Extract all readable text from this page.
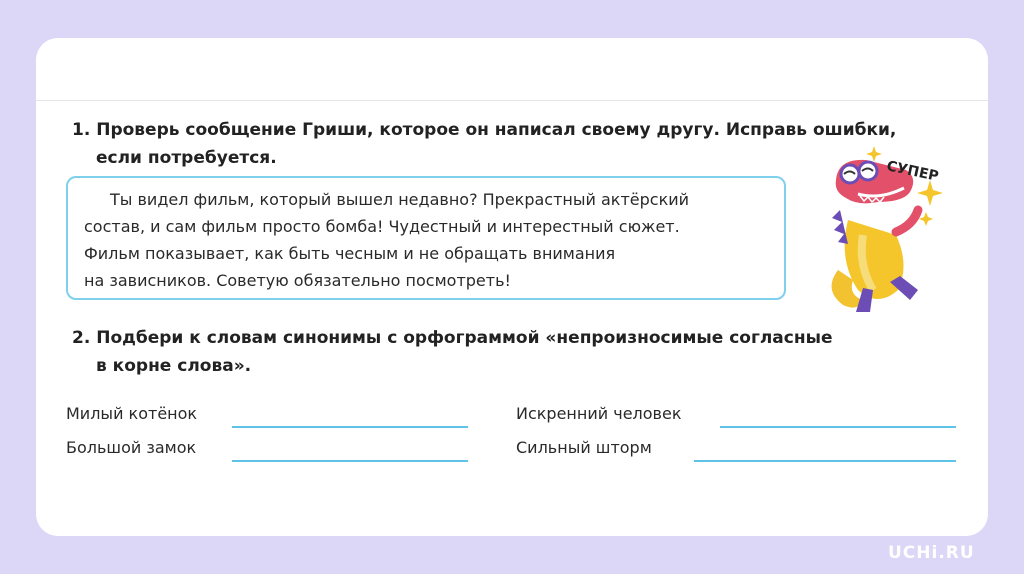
1. Проверь сообщение Гриши, которое он написал своему другу. Исправь ошибки,
если потребуется.

Ты видел фильм, который вышел недавно? Прекрастный актёрский

состав, и сам фильм просто бомба! Чудестный и интерестный сюжет.

Фильм показывает, как быть чесным и не обращать внимания

на зависников. Советую обязательно посмотреть!

СУПЕР
2. Подбери к словам синонимы с орфограммой «непроизносимые согласные
в корне слова».
Милый котёнок
Большой замок
Искренний человек
Сильный шторм
UCHi.RU
